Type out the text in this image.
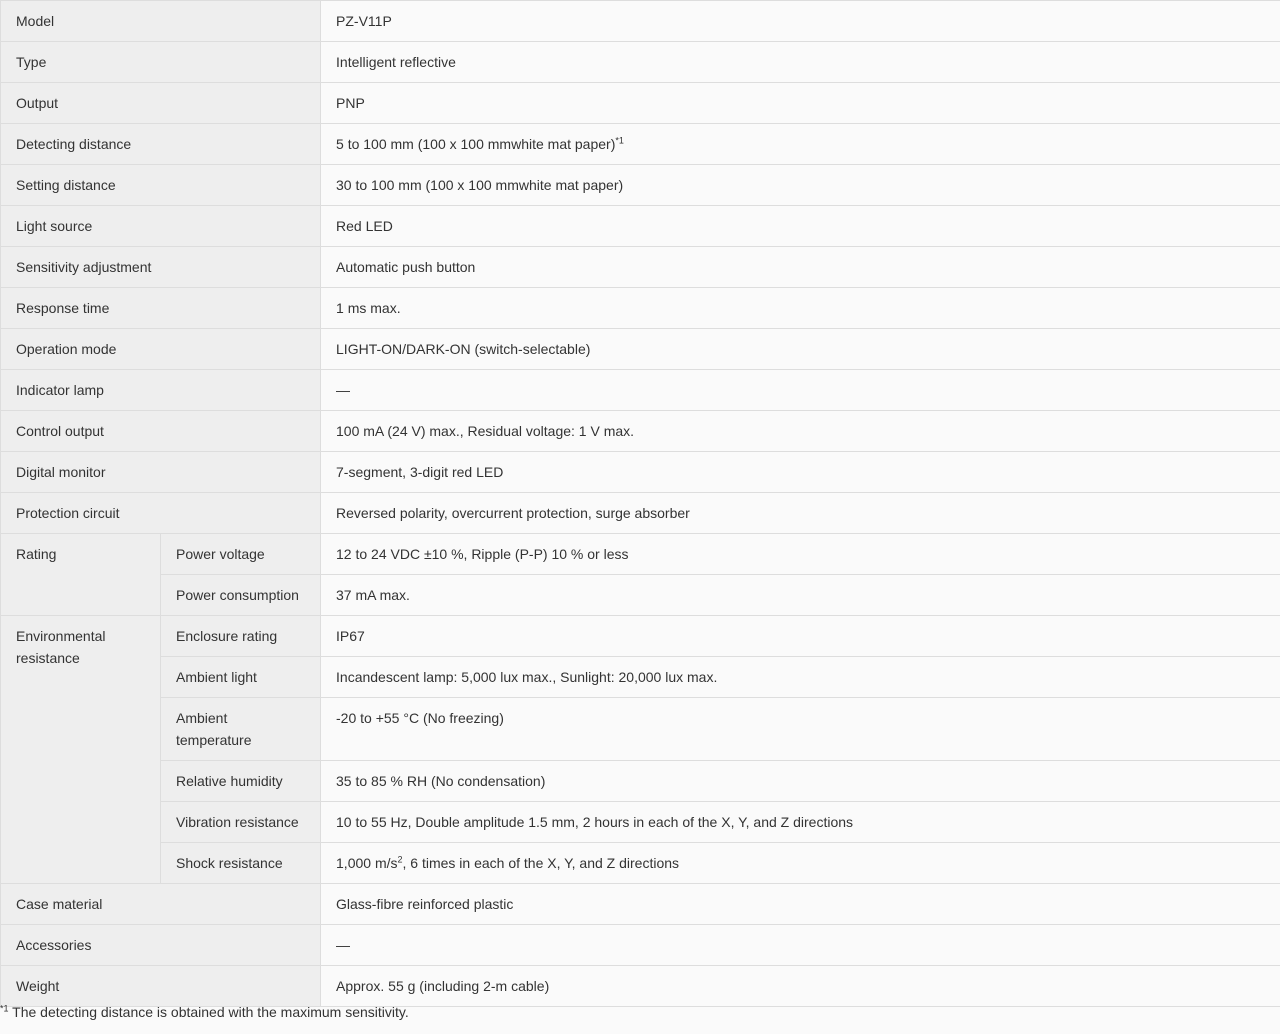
Model		PZ-V11P
Type		Intelligent reflective
Output		PNP
Detecting distance		5 to 100 mm (100 x 100 mmwhite mat paper)$^{*1}$
Setting distance		30 to 100 mm (100 x 100 mmwhite mat paper)
Light source		Red LED
Sensitivity adjustment		Automatic push button
Response time		1 ms max.
Operation mode		LIGHT-ON/DARK-ON (switch-selectable)
Indicator lamp		—
Control output		100 mA (24 V) max., Residual voltage: 1 V max.
Digital monitor		7-segment, 3-digit red LED
Protection circuit		Reversed polarity, overcurrent protection, surge absorber
Rating	Power voltage	12 to 24 VDC ±10 %, Ripple (P-P) 10 % or less
	Power consumption	37 mA max.
Environmental resistance	Enclosure rating	IP67
	Ambient light	Incandescent lamp: 5,000 lux max., Sunlight: 20,000 lux max.
	Ambient temperature	-20 to +55 °C (No freezing)
	Relative humidity	35 to 85 % RH (No condensation)
	Vibration resistance	10 to 55 Hz, Double amplitude 1.5 mm, 2 hours in each of the X, Y, and Z directions
	Shock resistance	1,000 $m/s^2$, 6 times in each of the X, Y, and Z directions
Case material		Glass-fibre reinforced plastic
Accessories		—
Weight		Approx. 55 g (including 2-m cable)
$^{*1}$ The detecting distance is obtained with the maximum sensitivity.
